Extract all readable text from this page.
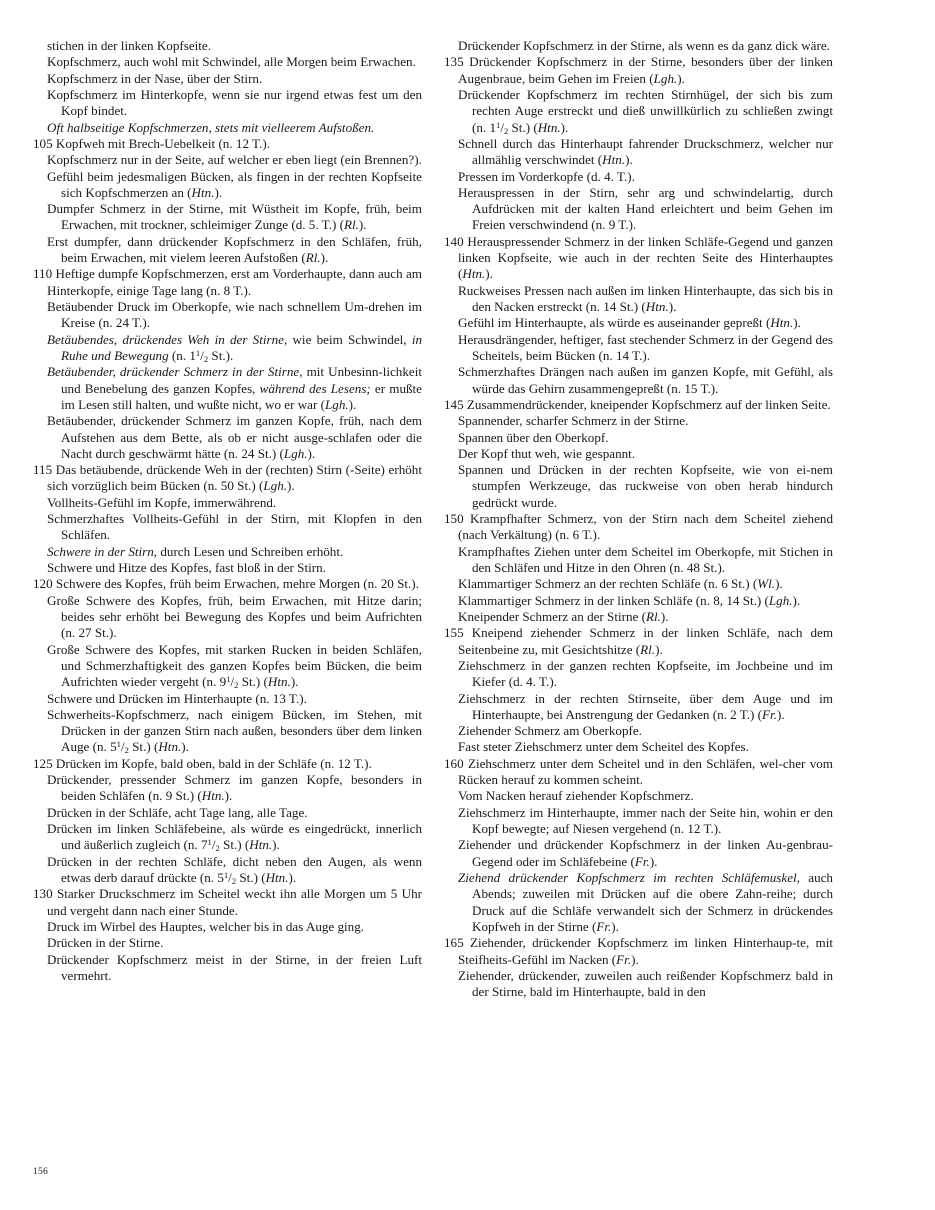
stichen in der linken Kopfseite.

Kopfschmerz, auch wohl mit Schwindel, alle Morgen beim Erwachen.

Kopfschmerz in der Nase, über der Stirn.

Kopfschmerz im Hinterkopfe, wenn sie nur irgend etwas fest um den Kopf bindet.

Oft halbseitige Kopfschmerzen, stets mit vielleerem Aufstoßen.

105 Kopfweh mit Brech-Uebelkeit (n. 12 T.).

Kopfschmerz nur in der Seite, auf welcher er eben liegt (ein Brennen?).

Gefühl beim jedesmaligen Bücken, als fingen in der rechten Kopfseite sich Kopfschmerzen an (Htn.).

Dumpfer Schmerz in der Stirne, mit Wüstheit im Kopfe, früh, beim Erwachen, mit trockner, schleimiger Zunge (d. 5. T.) (Rl.).

Erst dumpfer, dann drückender Kopfschmerz in den Schläfen, früh, beim Erwachen, mit vielem leeren Aufstoßen (Rl.).

110 Heftige dumpfe Kopfschmerzen, erst am Vorderhaupte, dann auch am Hinterkopfe, einige Tage lang (n. 8 T.).

Betäubender Druck im Oberkopfe, wie nach schnellem Um-drehen im Kreise (n. 24 T.).

Betäubendes, drückendes Weh in der Stirne, wie beim Schwindel, in Ruhe und Bewegung (n. $1^1/_2$ St.).

Betäubender, drückender Schmerz in der Stirne, mit Unbesinn-lichkeit und Benebelung des ganzen Kopfes, während des Lesens; er mußte im Lesen still halten, und wußte nicht, wo er war (Lgh.).

Betäubender, drückender Schmerz im ganzen Kopfe, früh, nach dem Aufstehen aus dem Bette, als ob er nicht ausge-schlafen oder die Nacht durch geschwärmt hätte (n. 24 St.) (Lgh.).

115 Das betäubende, drückende Weh in der (rechten) Stirn (-Seite) erhöht sich vorzüglich beim Bücken (n. 50 St.) (Lgh.).

Vollheits-Gefühl im Kopfe, immerwährend.

Schmerzhaftes Vollheits-Gefühl in der Stirn, mit Klopfen in den Schläfen.

Schwere in der Stirn, durch Lesen und Schreiben erhöht.

Schwere und Hitze des Kopfes, fast bloß in der Stirn.

120 Schwere des Kopfes, früh beim Erwachen, mehre Morgen (n. 20 St.).

Große Schwere des Kopfes, früh, beim Erwachen, mit Hitze darin; beides sehr erhöht bei Bewegung des Kopfes und beim Aufrichten (n. 27 St.).

Große Schwere des Kopfes, mit starken Rucken in beiden Schläfen, und Schmerzhaftigkeit des ganzen Kopfes beim Bücken, die beim Aufrichten wieder vergeht (n. $9^1/_2$ St.) (Htn.).

Schwere und Drücken im Hinterhaupte (n. 13 T.).

Schwerheits-Kopfschmerz, nach einigem Bücken, im Stehen, mit Drücken in der ganzen Stirn nach außen, besonders über dem linken Auge (n. $5^1/_2$ St.) (Htn.).

125 Drücken im Kopfe, bald oben, bald in der Schläfe (n. 12 T.).

Drückender, pressender Schmerz im ganzen Kopfe, besonders in beiden Schläfen (n. 9 St.) (Htn.).

Drücken in der Schläfe, acht Tage lang, alle Tage.

Drücken im linken Schläfebeine, als würde es eingedrückt, innerlich und äußerlich zugleich (n. $7^1/_2$ St.) (Htn.).

Drücken in der rechten Schläfe, dicht neben den Augen, als wenn etwas derb darauf drückte (n. $5^1/_2$ St.) (Htn.).

130 Starker Druckschmerz im Scheitel weckt ihn alle Morgen um 5 Uhr und vergeht dann nach einer Stunde.

Druck im Wirbel des Hauptes, welcher bis in das Auge ging.

Drücken in der Stirne.

Drückender Kopfschmerz meist in der Stirne, in der freien Luft vermehrt.

Drückender Kopfschmerz in der Stirne, als wenn es da ganz dick wäre.

135 Drückender Kopfschmerz in der Stirne, besonders über der linken Augenbraue, beim Gehen im Freien (Lgh.).

Drückender Kopfschmerz im rechten Stirnhügel, der sich bis zum rechten Auge erstreckt und dieß unwillkürlich zu schließen zwingt (n. $1^1/_2$ St.) (Htn.).

Schnell durch das Hinterhaupt fahrender Druckschmerz, welcher nur allmählig verschwindet (Htn.).

Pressen im Vorderkopfe (d. 4. T.).

Herauspressen in der Stirn, sehr arg und schwindelartig, durch Aufdrücken mit der kalten Hand erleichtert und beim Gehen im Freien verschwindend (n. 9 T.).

140 Herauspressender Schmerz in der linken Schläfe-Gegend und ganzen linken Kopfseite, wie auch in der rechten Seite des Hinterhauptes (Htn.).

Ruckweises Pressen nach außen im linken Hinterhaupte, das sich bis in den Nacken erstreckt (n. 14 St.) (Htn.).

Gefühl im Hinterhaupte, als würde es auseinander gepreßt (Htn.).

Herausdrängender, heftiger, fast stechender Schmerz in der Gegend des Scheitels, beim Bücken (n. 14 T.).

Schmerzhaftes Drängen nach außen im ganzen Kopfe, mit Gefühl, als würde das Gehirn zusammengepreßt (n. 15 T.).

145 Zusammendrückender, kneipender Kopfschmerz auf der linken Seite.

Spannender, scharfer Schmerz in der Stirne.

Spannen über den Oberkopf.

Der Kopf thut weh, wie gespannt.

Spannen und Drücken in der rechten Kopfseite, wie von ei-nem stumpfen Werkzeuge, das ruckweise von oben herab hindurch gedrückt wurde.

150 Krampfhafter Schmerz, von der Stirn nach dem Scheitel ziehend (nach Verkältung) (n. 6 T.).

Krampfhaftes Ziehen unter dem Scheitel im Oberkopfe, mit Stichen in den Schläfen und Hitze in den Ohren (n. 48 St.).

Klammartiger Schmerz an der rechten Schläfe (n. 6 St.) (Wl.).

Klammartiger Schmerz in der linken Schläfe (n. 8, 14 St.) (Lgh.).

Kneipender Schmerz an der Stirne (Rl.).

155 Kneipend ziehender Schmerz in der linken Schläfe, nach dem Seitenbeine zu, mit Gesichtshitze (Rl.).

Ziehschmerz in der ganzen rechten Kopfseite, im Jochbeine und im Kiefer (d. 4. T.).

Ziehschmerz in der rechten Stirnseite, über dem Auge und im Hinterhaupte, bei Anstrengung der Gedanken (n. 2 T.) (Fr.).

Ziehender Schmerz am Oberkopfe.

Fast steter Ziehschmerz unter dem Scheitel des Kopfes.

160 Ziehschmerz unter dem Scheitel und in den Schläfen, wel-cher vom Rücken herauf zu kommen scheint.

Vom Nacken herauf ziehender Kopfschmerz.

Ziehschmerz im Hinterhaupte, immer nach der Seite hin, wohin er den Kopf bewegte; auf Niesen vergehend (n. 12 T.).

Ziehender und drückender Kopfschmerz in der linken Au-genbrau-Gegend oder im Schläfebeine (Fr.).

Ziehend drückender Kopfschmerz im rechten Schläfemuskel, auch Abends; zuweilen mit Drücken auf die obere Zahn-reihe; durch Druck auf die Schläfe verwandelt sich der Schmerz in drückendes Kopfweh in der Stirne (Fr.).

165 Ziehender, drückender Kopfschmerz im linken Hinterhaup-te, mit Steifheits-Gefühl im Nacken (Fr.).

Ziehender, drückender, zuweilen auch reißender Kopfschmerz bald in der Stirne, bald im Hinterhaupte, bald in den

156
